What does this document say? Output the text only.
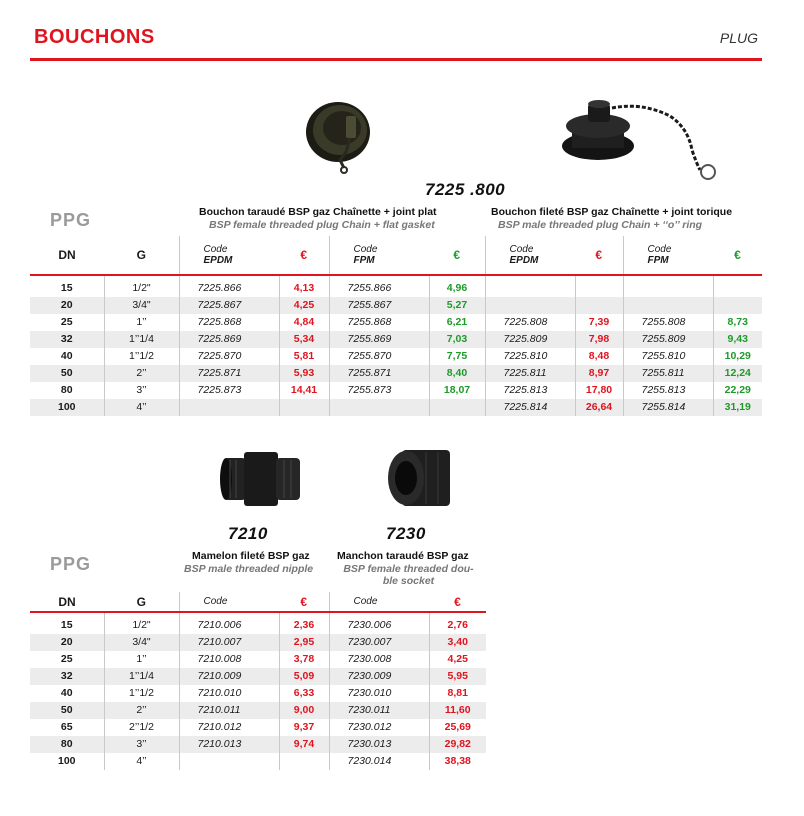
BOUCHONS	PLUG
7225 .800
PPG	Bouchon taraudé BSP gaz Chaînette + joint plat
BSP female threaded plug Chain + flat gasket
Bouchon fileté BSP gaz Chaînette + joint torique
BSP male threaded plug Chain + ‘‘o’’ ring
DN	G	Code
EPDM	€	Code
FPM	€	Code
EPDM	€	Code
FPM	€

15	1/2"	7225.866	4,13	7255.866	4,96				
20	3/4"	7225.867	4,25	7255.867	5,27				
25	1’’	7225.868	4,84	7255.868	6,21	7225.808	7,39	7255.808	8,73
32	1’’1/4	7225.869	5,34	7255.869	7,03	7225.809	7,98	7255.809	9,43
40	1’’1/2	7225.870	5,81	7255.870	7,75	7225.810	8,48	7255.810	10,29
50	2’’	7225.871	5,93	7255.871	8,40	7225.811	8,97	7255.811	12,24
80	3’’	7225.873	14,41	7255.873	18,07	7225.813	17,80	7255.813	22,29
100	4’’					7225.814	26,64	7255.814	31,19
7210	7230
PPG	Mamelon fileté BSP gaz
BSP male threaded nipple
Manchon taraudé BSP gaz
BSP female threaded dou-ble socket
DN	G	Code	€	Code	€

15	1/2"	7210.006	2,36	7230.006	2,76
20	3/4"	7210.007	2,95	7230.007	3,40
25	1’’	7210.008	3,78	7230.008	4,25
32	1’’1/4	7210.009	5,09	7230.009	5,95
40	1’’1/2	7210.010	6,33	7230.010	8,81
50	2’’	7210.011	9,00	7230.011	11,60
65	2’’1/2	7210.012	9,37	7230.012	25,69
80	3’’	7210.013	9,74	7230.013	29,82
100	4’’			7230.014	38,38
